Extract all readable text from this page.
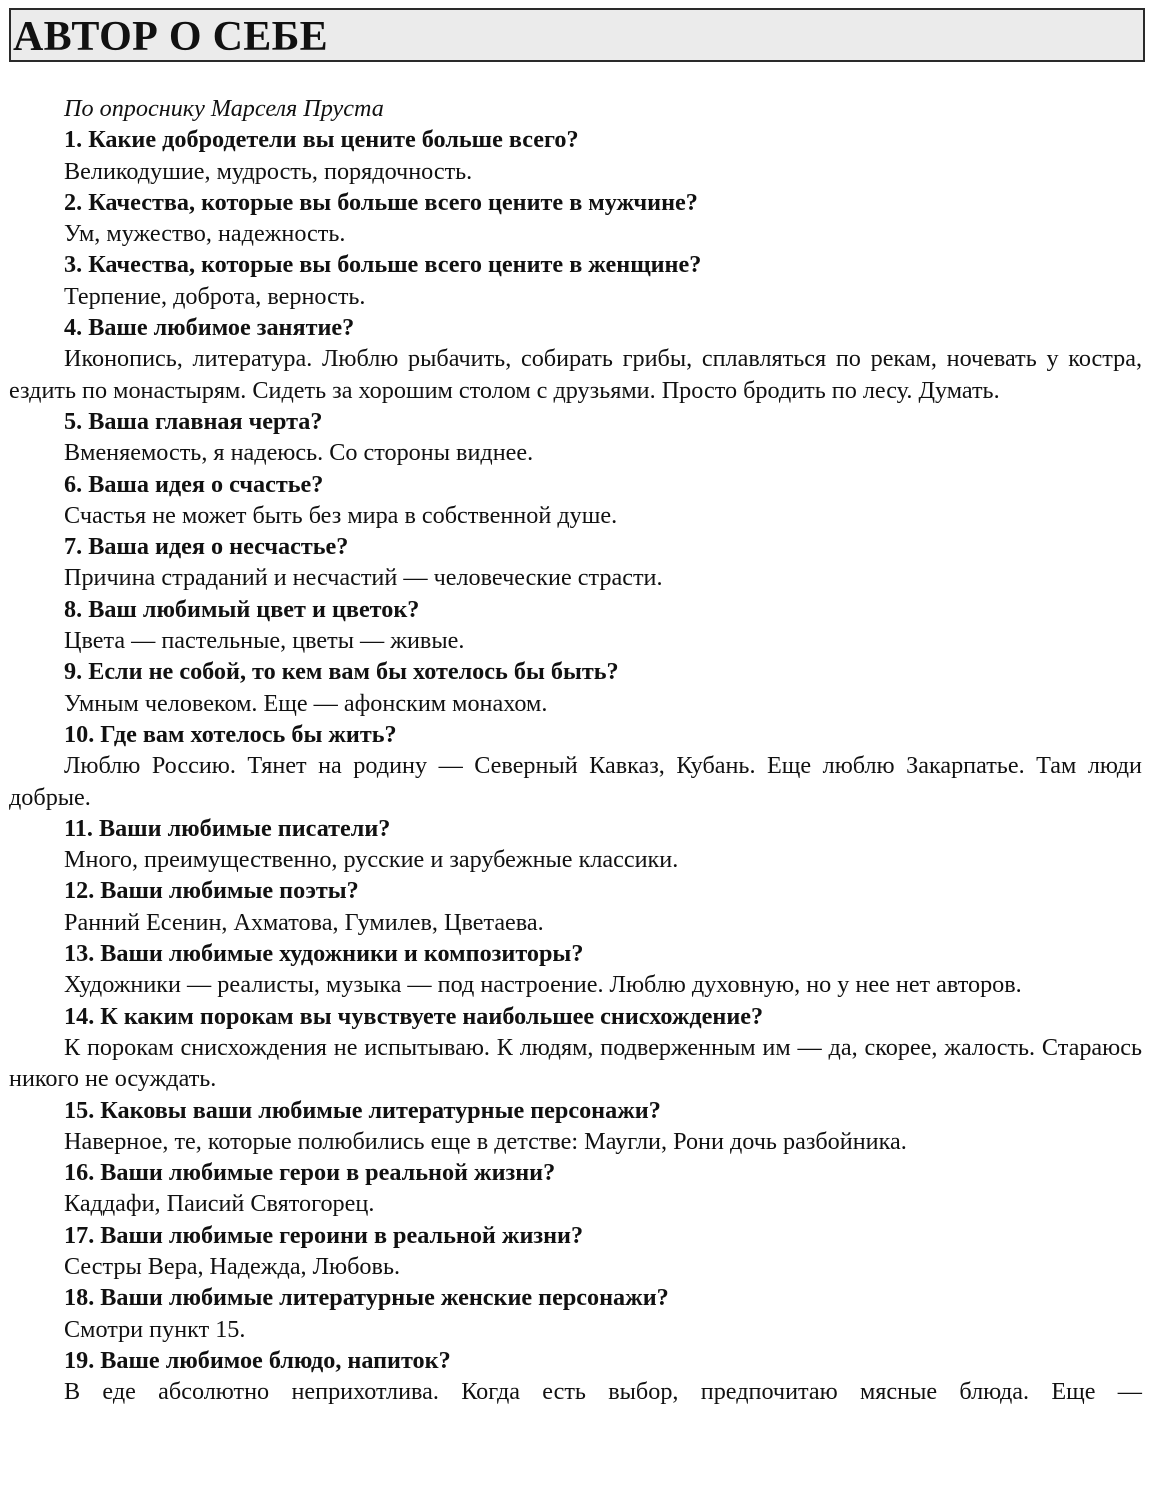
АВТОР О СЕБЕ

По опроснику Марселя Пруста

1. Какие добродетели вы цените больше всего?

Великодушие, мудрость, порядочность.

2. Качества, которые вы больше всего цените в мужчине?

Ум, мужество, надежность.

3. Качества, которые вы больше всего цените в женщине?

Терпение, доброта, верность.

4. Ваше любимое занятие?

Иконопись, литература. Люблю рыбачить, собирать грибы, сплавляться по рекам, ночевать у костра, ездить по монастырям. Сидеть за хорошим столом с друзьями. Просто бродить по лесу. Думать.

5. Ваша главная черта?

Вменяемость, я надеюсь. Со стороны виднее.

6. Ваша идея о счастье?

Счастья не может быть без мира в собственной душе.

7. Ваша идея о несчастье?

Причина страданий и несчастий — человеческие страсти.

8. Ваш любимый цвет и цветок?

Цвета — пастельные, цветы — живые.

9. Если не собой, то кем вам бы хотелось бы быть?

Умным человеком. Еще — афонским монахом.

10. Где вам хотелось бы жить?

Люблю Россию. Тянет на родину — Северный Кавказ, Кубань. Еще люблю Закарпатье. Там люди добрые.

11. Ваши любимые писатели?

Много, преимущественно, русские и зарубежные классики.

12. Ваши любимые поэты?

Ранний Есенин, Ахматова, Гумилев, Цветаева.

13. Ваши любимые художники и композиторы?

Художники — реалисты, музыка — под настроение. Люблю духовную, но у нее нет авторов.

14. К каким порокам вы чувствуете наибольшее снисхождение?

К порокам снисхождения не испытываю. К людям, подверженным им — да, скорее, жалость. Стараюсь никого не осуждать.

15. Каковы ваши любимые литературные персонажи?

Наверное, те, которые полюбились еще в детстве: Маугли, Рони дочь разбойника.

16. Ваши любимые герои в реальной жизни?

Каддафи, Паисий Святогорец.

17. Ваши любимые героини в реальной жизни?

Сестры Вера, Надежда, Любовь.

18. Ваши любимые литературные женские персонажи?

Смотри пункт 15.

19. Ваше любимое блюдо, напиток?

В еде абсолютно неприхотлива. Когда есть выбор, предпочитаю мясные блюда. Еще —
